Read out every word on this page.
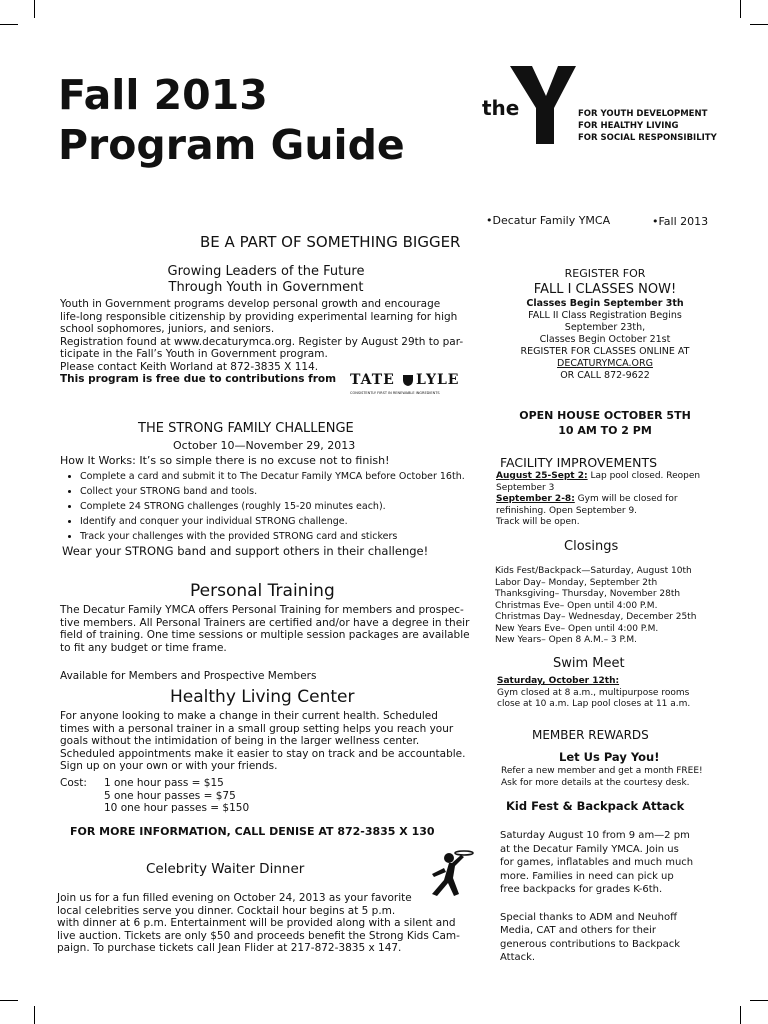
Fall 2013
Program Guide
the
YMCA
FOR YOUTH DEVELOPMENT
FOR HEALTHY LIVING
FOR SOCIAL RESPONSIBILITY
•Decatur Family YMCA	•Fall 2013
BE A PART OF SOMETHING BIGGER
Growing Leaders of the Future
Through Youth in Government
Youth in Government programs develop personal growth and encourage
life-long responsible citizenship by providing experimental learning for high
school sophomores, juniors, and seniors.
Registration found at www.decaturymca.org. Register by August 29th to par-
ticipate in the Fall’s Youth in Government program.
Please contact Keith Worland at 872-3835 X 114.
This program is free due to contributions from TATE LYLE
CONSISTENTLY FIRST IN RENEWABLE INGREDIENTS
THE STRONG FAMILY CHALLENGE
October 10—November 29, 2013
How It Works: It’s so simple there is no excuse not to finish!
• Complete a card and submit it to The Decatur Family YMCA before October 16th.
• Collect your STRONG band and tools.
• Complete 24 STRONG challenges (roughly 15-20 minutes each).
• Identify and conquer your individual STRONG challenge.
• Track your challenges with the provided STRONG card and stickers
Wear your STRONG band and support others in their challenge!
Personal Training
The Decatur Family YMCA offers Personal Training for members and prospec-
tive members. All Personal Trainers are certified and/or have a degree in their
field of training. One time sessions or multiple session packages are available
to fit any budget or time frame.
Available for Members and Prospective Members
Healthy Living Center
For anyone looking to make a change in their current health. Scheduled
times with a personal trainer in a small group setting helps you reach your
goals without the intimidation of being in the larger wellness center.
Scheduled appointments make it easier to stay on track and be accountable.
Sign up on your own or with your friends.
Cost: 1 one hour pass = $15
5 one hour passes = $75
10 one hour passes = $150
FOR MORE INFORMATION, CALL DENISE AT 872-3835 X 130
Celebrity Waiter Dinner
Join us for a fun filled evening on October 24, 2013 as your favorite
local celebrities serve you dinner. Cocktail hour begins at 5 p.m.
with dinner at 6 p.m. Entertainment will be provided along with a silent and
live auction. Tickets are only $50 and proceeds benefit the Strong Kids Cam-
paign. To purchase tickets call Jean Flider at 217-872-3835 x 147.
REGISTER FOR
FALL I CLASSES NOW!
Classes Begin September 3th
FALL II Class Registration Begins
September 23th,
Classes Begin October 21st
REGISTER FOR CLASSES ONLINE AT
DECATURYMCA.ORG
OR CALL 872-9622
OPEN HOUSE OCTOBER 5TH
10 AM TO 2 PM
FACILITY IMPROVEMENTS
August 25-Sept 2: Lap pool closed. Reopen
September 3
September 2-8: Gym will be closed for
refinishing. Open September 9.
Track will be open.
Closings
Kids Fest/Backpack—Saturday, August 10th
Labor Day– Monday, September 2th
Thanksgiving– Thursday, November 28th
Christmas Eve– Open until 4:00 P.M.
Christmas Day– Wednesday, December 25th
New Years Eve– Open until 4:00 P.M.
New Years– Open 8 A.M.– 3 P.M.
Swim Meet
Saturday, October 12th:
Gym closed at 8 a.m., multipurpose rooms
close at 10 a.m. Lap pool closes at 11 a.m.
MEMBER REWARDS
Let Us Pay You!
Refer a new member and get a month FREE!
Ask for more details at the courtesy desk.
Kid Fest & Backpack Attack
Saturday August 10 from 9 am—2 pm
at the Decatur Family YMCA. Join us
for games, inflatables and much much
more. Families in need can pick up
free backpacks for grades K-6th.
Special thanks to ADM and Neuhoff
Media, CAT and others for their
generous contributions to Backpack
Attack.
